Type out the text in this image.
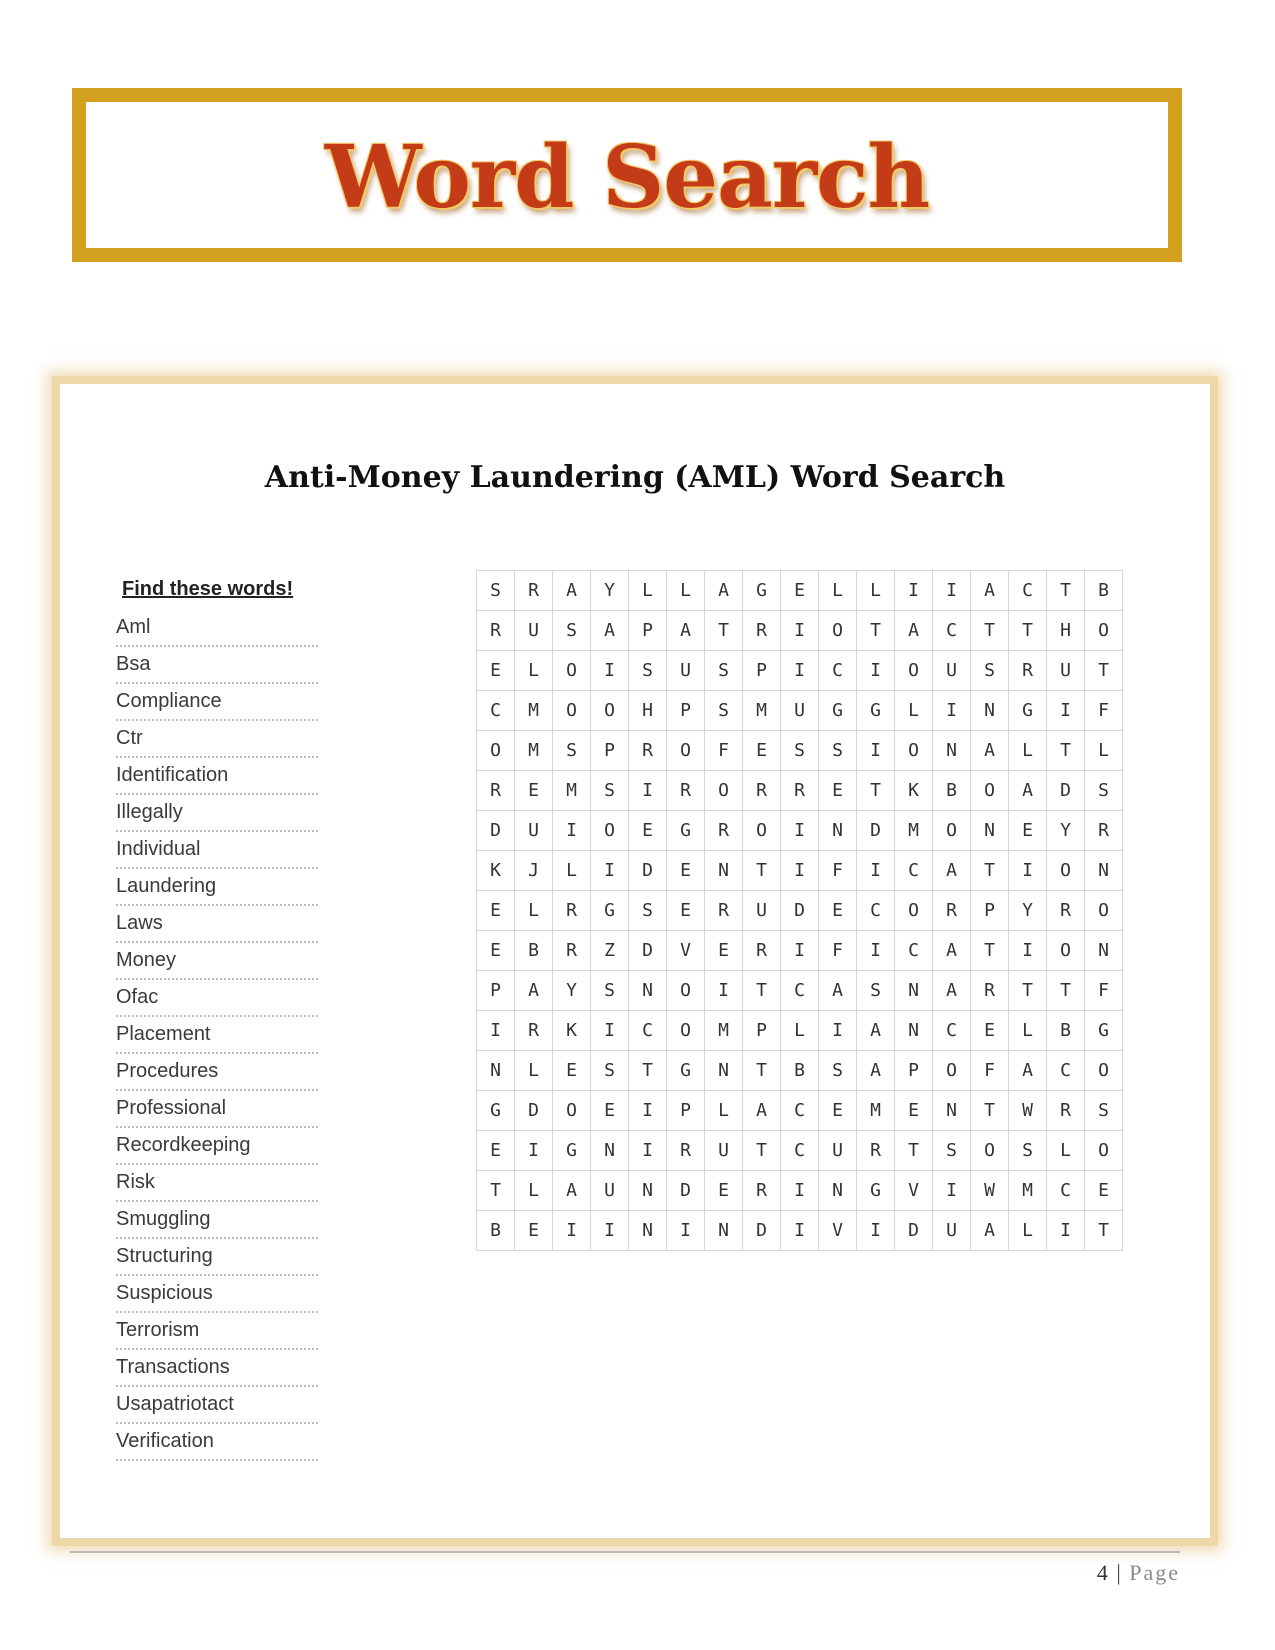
Word Search
Anti-Money Laundering (AML) Word Search
Find these words!
Aml
Bsa
Compliance
Ctr
Identification
Illegally
Individual
Laundering
Laws
Money
Ofac
Placement
Procedures
Professional
Recordkeeping
Risk
Smuggling
Structuring
Suspicious
Terrorism
Transactions
Usapatriotact
Verification
S	R	A	Y	L	L	A	G	E	L	L	I	I	A	C	T	B
R	U	S	A	P	A	T	R	I	O	T	A	C	T	T	H	O
E	L	O	I	S	U	S	P	I	C	I	O	U	S	R	U	T
C	M	O	O	H	P	S	M	U	G	G	L	I	N	G	I	F
O	M	S	P	R	O	F	E	S	S	I	O	N	A	L	T	L
R	E	M	S	I	R	O	R	R	E	T	K	B	O	A	D	S
D	U	I	O	E	G	R	O	I	N	D	M	O	N	E	Y	R
K	J	L	I	D	E	N	T	I	F	I	C	A	T	I	O	N
E	L	R	G	S	E	R	U	D	E	C	O	R	P	Y	R	O
E	B	R	Z	D	V	E	R	I	F	I	C	A	T	I	O	N
P	A	Y	S	N	O	I	T	C	A	S	N	A	R	T	T	F
I	R	K	I	C	O	M	P	L	I	A	N	C	E	L	B	G
N	L	E	S	T	G	N	T	B	S	A	P	O	F	A	C	O
G	D	O	E	I	P	L	A	C	E	M	E	N	T	W	R	S
E	I	G	N	I	R	U	T	C	U	R	T	S	O	S	L	O
T	L	A	U	N	D	E	R	I	N	G	V	I	W	M	C	E
B	E	I	I	N	I	N	D	I	V	I	D	U	A	L	I	T
4 | Page
